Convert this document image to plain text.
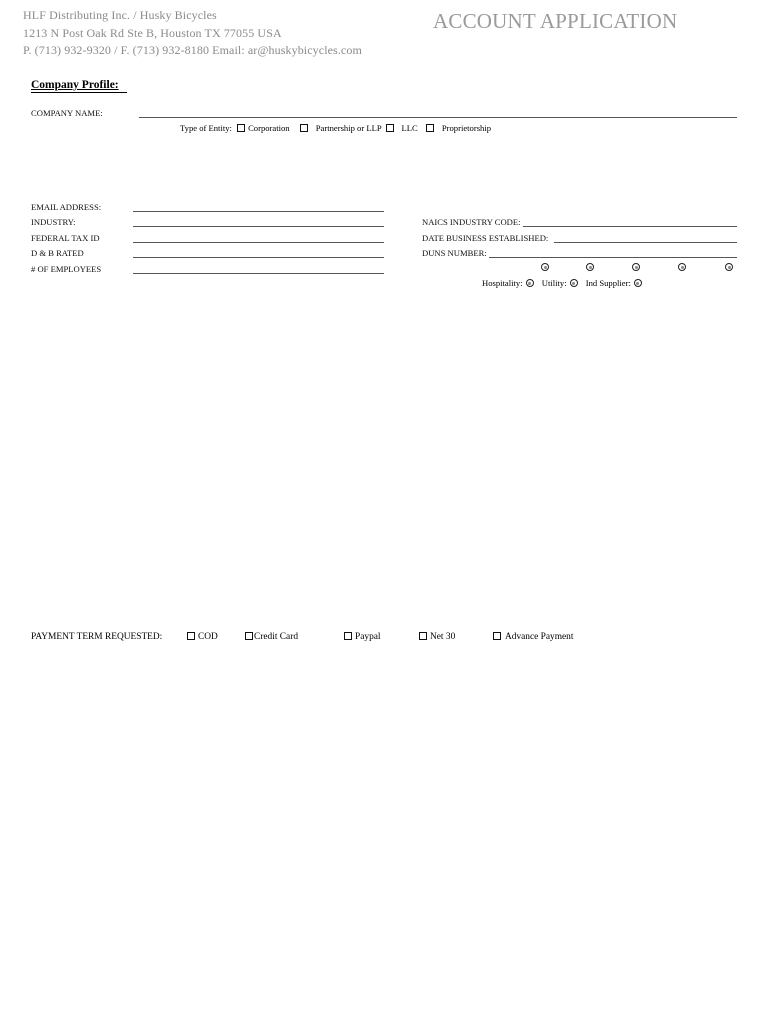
HLF Distributing Inc. / Husky Bicycles
1213 N Post Oak Rd Ste B, Houston TX 77055 USA
P. (713) 932-9320 / F. (713) 932-8180 Email: ar@huskybicycles.com
ACCOUNT APPLICATION
Company Profile:
COMPANY NAME:
Type of Entity: Corporation	Partnership or LLP LLC	Proprietorship
EMAIL ADDRESS:
INDUSTRY:
FEDERAL TAX ID
D & B RATED
# OF EMPLOYEES
NAICS INDUSTRY CODE:
DATE BUSINESS ESTABLISHED:
DUNS NUMBER:
Hospitality: Utility: Ind Supplier:
PAYMENT TERM REQUESTED:	COD	Credit Card	Paypal	Net 30	Advance Payment
